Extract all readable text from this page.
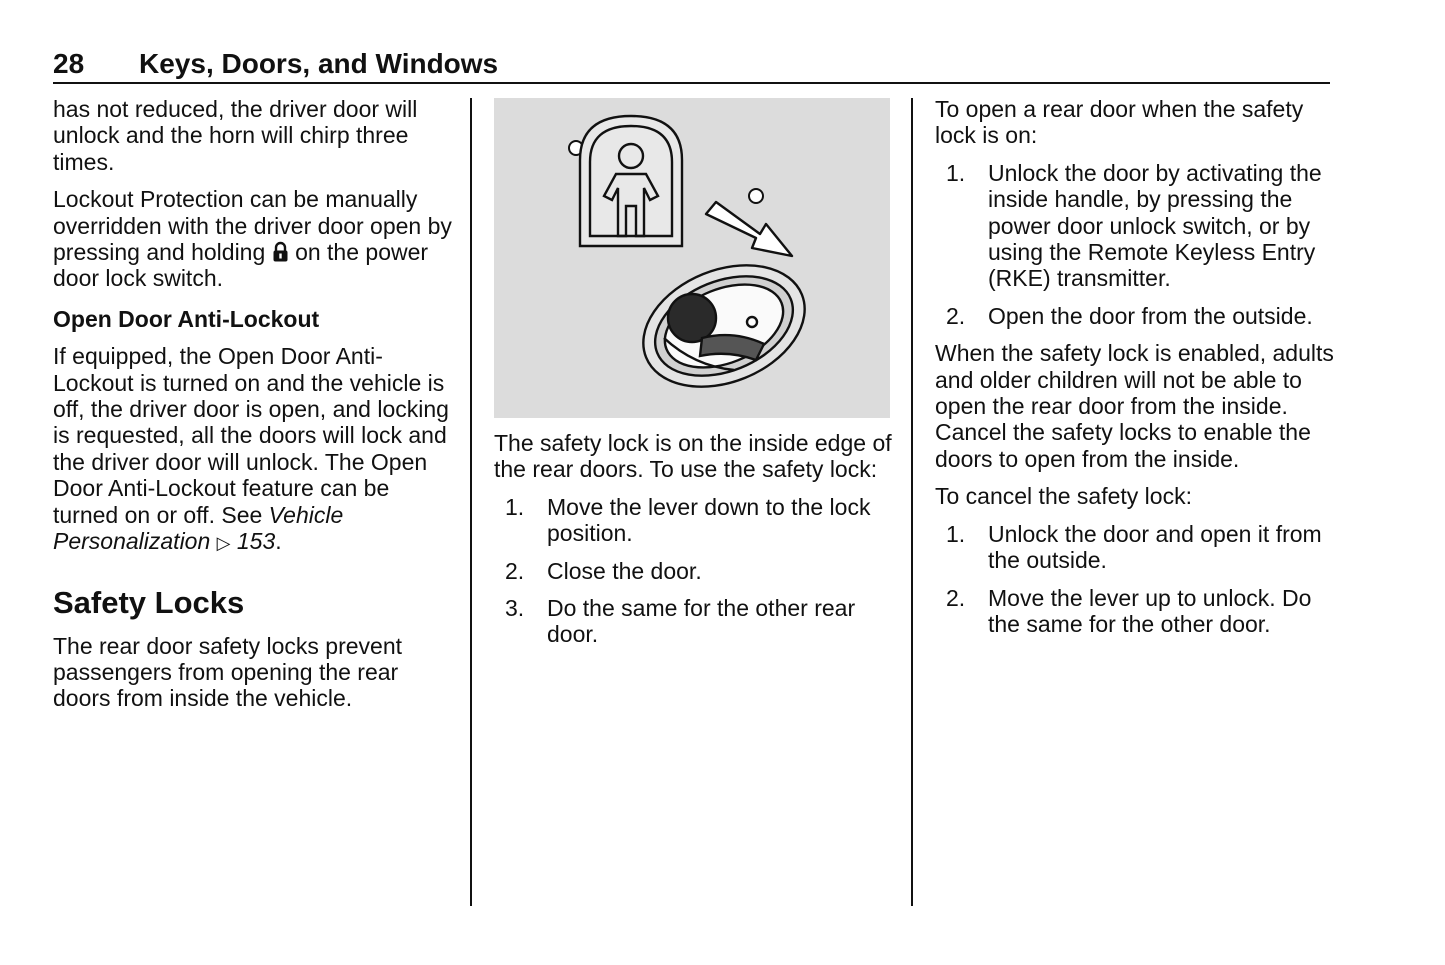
28 Keys, Doors, and Windows

has not reduced, the driver door will unlock and the horn will chirp three times.

Lockout Protection can be manually overridden with the driver door open by pressing and holding on the power door lock switch.

Open Door Anti-Lockout

If equipped, the Open Door Anti-Lockout is turned on and the vehicle is off, the driver door is open, and locking is requested, all the doors will lock and the driver door will unlock. The Open Door Anti-Lockout feature can be turned on or off. See Vehicle Personalization ▷ 153.

Safety Locks

The rear door safety locks prevent passengers from opening the rear doors from inside the vehicle.

The safety lock is on the inside edge of the rear doors. To use the safety lock:

1. Move the lever down to the lock position.
2. Close the door.
3. Do the same for the other rear door.

To open a rear door when the safety lock is on:

1. Unlock the door by activating the inside handle, by pressing the power door unlock switch, or by using the Remote Keyless Entry (RKE) transmitter.
2. Open the door from the outside.

When the safety lock is enabled, adults and older children will not be able to open the rear door from the inside. Cancel the safety locks to enable the doors to open from the inside.

To cancel the safety lock:

1. Unlock the door and open it from the outside.
2. Move the lever up to unlock. Do the same for the other door.
